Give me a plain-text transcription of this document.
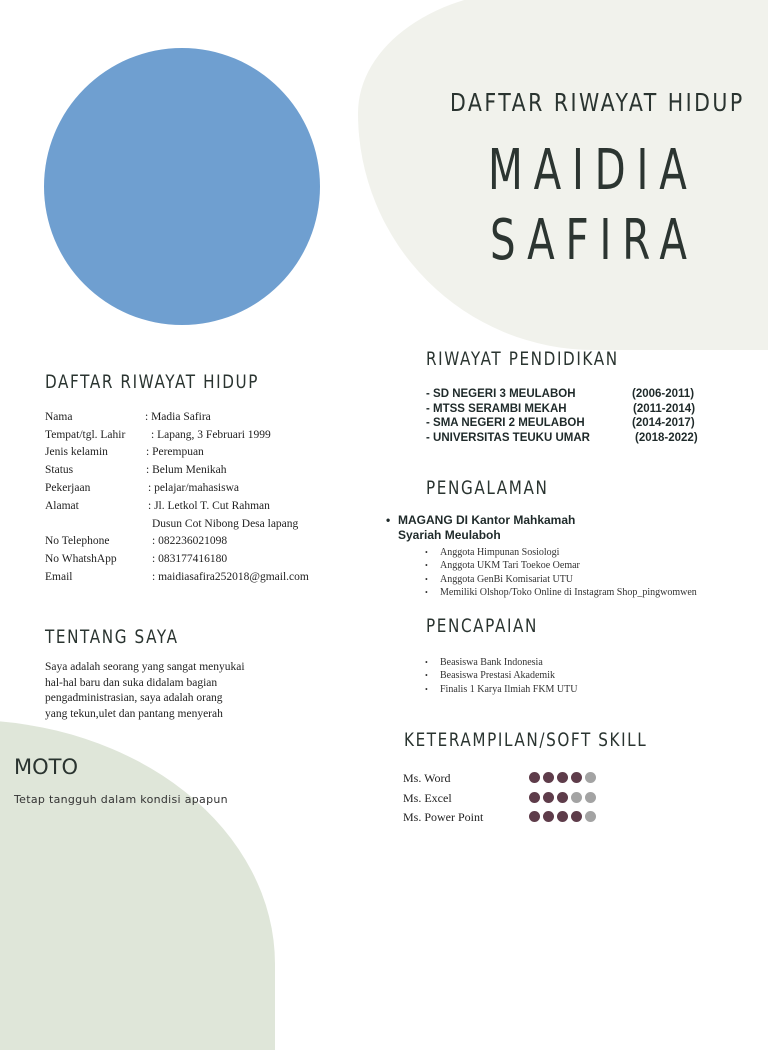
DAFTAR RIWAYAT HIDUP
MAIDIA
SAFIRA
DAFTAR RIWAYAT HIDUP
Nama	: Madia Safira
Tempat/tgl. Lahir : Lapang, 3 Februari 1999
Jenis kelamin	: Perempuan
Status	: Belum Menikah
Pekerjaan	: pelajar/mahasiswa
Alamat	: Jl. Letkol T. Cut Rahman
Dusun Cot Nibong Desa lapang
No Telephone	: 082236021098
No WhatshApp	: 083177416180
Email	: maidiasafira252018@gmail.com
TENTANG SAYA
Saya adalah seorang yang sangat menyukai
hal-hal baru dan suka didalam bagian
pengadministrasian, saya adalah orang
yang tekun,ulet dan pantang menyerah
MOTO
Tetap tangguh dalam kondisi apapun
RIWAYAT PENDIDIKAN
- SD NEGERI 3 MEULABOH	(2006-2011)
- MTSS SERAMBI MEKAH	(2011-2014)
- SMA NEGERI 2 MEULABOH	(2014-2017)
- UNIVERSITAS TEUKU UMAR	(2018-2022)
PENGALAMAN
• MAGANG DI Kantor Mahkamah
Syariah Meulaboh
• Anggota Himpunan Sosiologi
• Anggota UKM Tari Toekoe Oemar
• Anggota GenBi Komisariat UTU
• Memiliki Olshop/Toko Online di Instagram Shop_pingwomwen
PENCAPAIAN
• Beasiswa Bank Indonesia
• Beasiswa Prestasi Akademik
• Finalis 1 Karya Ilmiah FKM UTU
KETERAMPILAN/SOFT SKILL
Ms. Word
Ms. Excel
Ms. Power Point
